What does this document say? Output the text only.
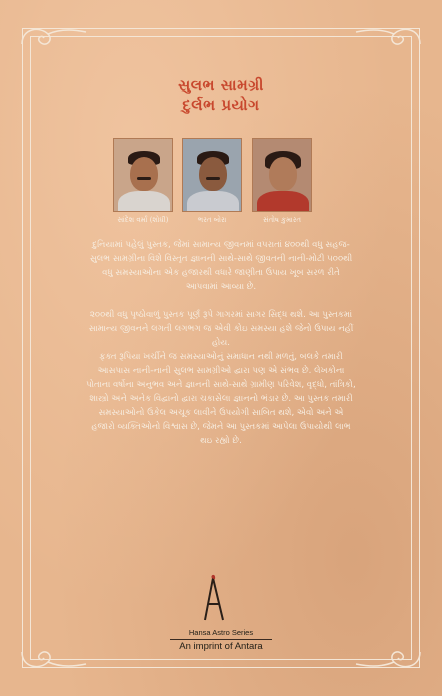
સુલભ સામગ્રી
દુર્લભ પ્રયોગ
સાંદેશ વર્મા (શોધી)	ભરત બોરા	સંતોષ કુમારત

દુનિયામાં પહેલું પુસ્તક, જેમાં સામાન્ય જીવનમાં વપરાતાં ૪૦૦થી વધુ સહજ-સુલભ સામગ્રીના વિશે વિસ્તૃત જ્ઞાનની સાથે-સાથે જીવતની નાની-મોટી ૫૦૦થી વધુ સમસ્યાઓના એક હજારથી વધારે જાણીતા ઉપાય ખૂબ સરળ રીતે આપવામાં આવ્યા છે.

૨૦૦થી વધુ પૃષ્ઠોવાળું પુસ્તક પૂર્ણ રૂપે ગાગરમાં સાગર સિદ્ધ થશે. આ પુસ્તકમાં સામાન્ય જીવનને લગતી લગભગ જ એવી કોઇ સમસ્યા હશે જેનો ઉપાય નહીં હોય.

ફક્ત રૂપિયા ખર્ચીને જ સમસ્યાઓનું સમાધાન નથી મળતું, બલકે તમારી આસપાસ નાની-નાની સુલભ સામગ્રીઓ દ્વારા પણ એ સંભવ છે. લેખકોના પોતાના વર્ષોના અનુભવ અને જ્ઞાનની સાથે-સાથે ગ્રામીણ પરિવેશ, વૃદ્ધો, તાંત્રિકો, શાસ્ત્રો અને અનેક વિદ્વાનો દ્વારા ચકાસેલા જ્ઞાનનો ભંડાર છે. આ પુસ્તક તમારી સમસ્યાઓનો ઉકેલ અચૂક લાવીને ઉપયોગી સાબિત થશે, એવો અને એ હજારો વ્યક્તિઓનો વિશ્વાસ છે, જેમને આ પુસ્તકમાં આપેલા ઉપાયોથી લાભ થઇ રહ્યો છે.

Hansa Astro Series
An imprint of Antara
